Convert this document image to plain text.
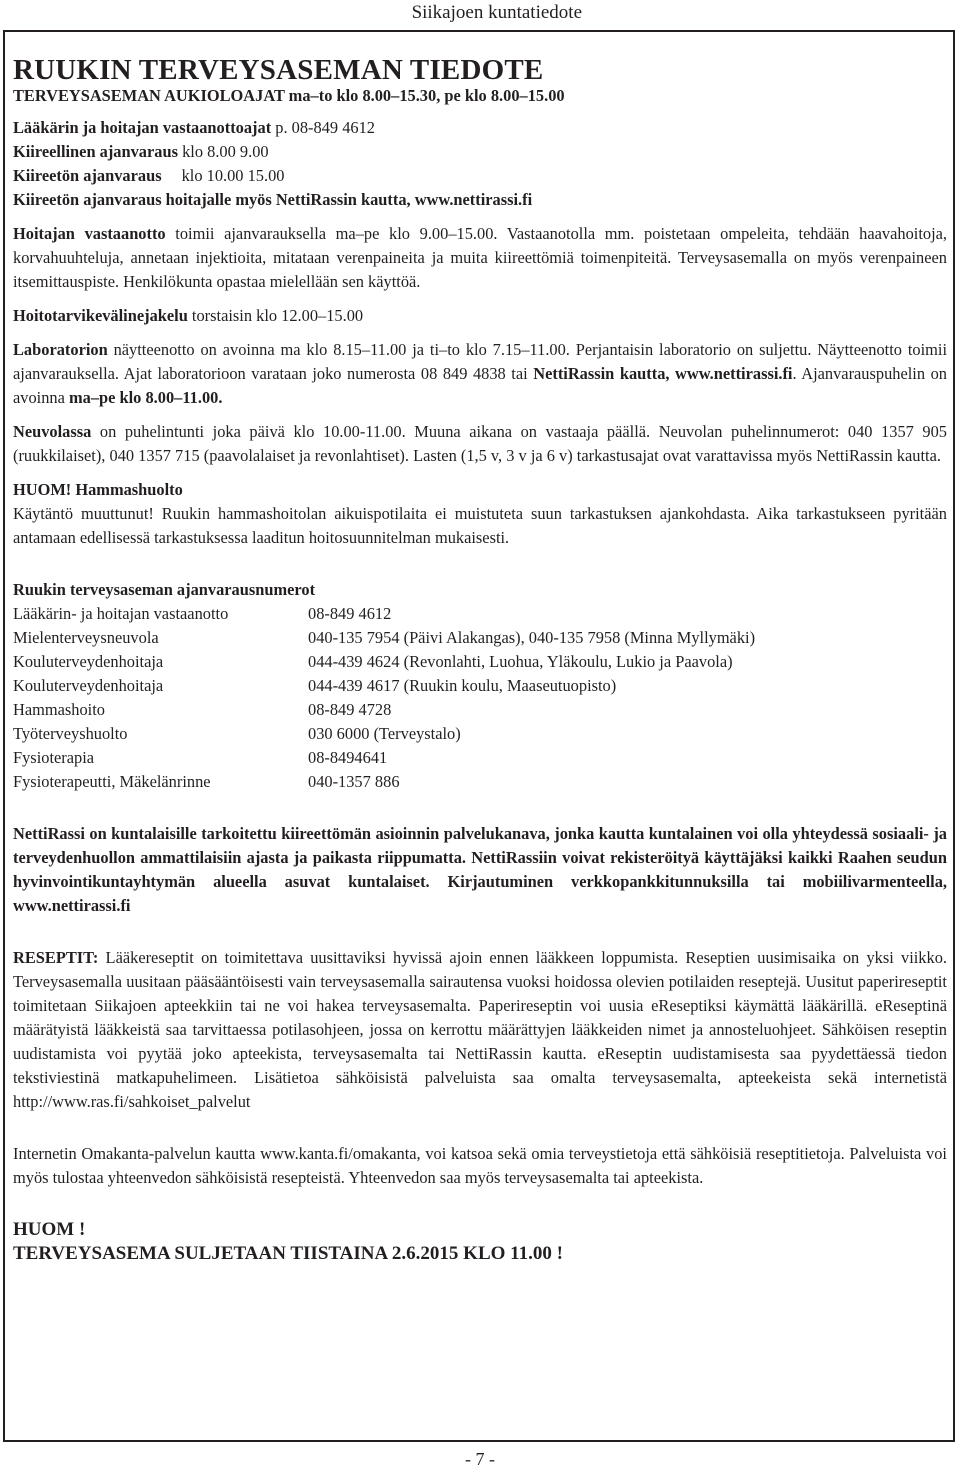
Siikajoen kuntatiedote
RUUKIN TERVEYSASEMAN TIEDOTE
TERVEYSASEMAN AUKIOLOAJAT ma–to klo 8.00–15.30, pe klo 8.00–15.00

Lääkärin ja hoitajan vastaanottoajat p. 08-849 4612

Kiireellinen ajanvaraus klo 8.00 9.00

Kiireetön ajanvaraus klo 10.00 15.00

Kiireetön ajanvaraus hoitajalle myös NettiRassin kautta, www.nettirassi.fi

Hoitajan vastaanotto toimii ajanvarauksella ma–pe klo 9.00–15.00. Vastaanotolla mm. poistetaan ompeleita, tehdään haavahoitoja, korvahuuhteluja, annetaan injektioita, mitataan verenpaineita ja muita kiireettömiä toimenpiteitä. Terveysasemalla on myös verenpaineen itsemittauspiste. Henkilökunta opastaa mielellään sen käyttöä.

Hoitotarvikevälinejakelu torstaisin klo 12.00–15.00

Laboratorion näytteenotto on avoinna ma klo 8.15–11.00 ja ti–to klo 7.15–11.00. Perjantaisin laboratorio on suljettu. Näytteenotto toimii ajanvarauksella. Ajat laboratorioon varataan joko numerosta 08 849 4838 tai NettiRassin kautta, www.nettirassi.fi. Ajanvarauspuhelin on avoinna ma–pe klo 8.00–11.00.

Neuvolassa on puhelintunti joka päivä klo 10.00-11.00. Muuna aikana on vastaaja päällä. Neuvolan puhelinnumerot: 040 1357 905 (ruukkilaiset), 040 1357 715 (paavolalaiset ja revonlahtiset). Lasten (1,5 v, 3 v ja 6 v) tarkastusajat ovat varattavissa myös NettiRassin kautta.

HUOM! Hammashuolto

Käytäntö muuttunut! Ruukin hammashoitolan aikuispotilaita ei muistuteta suun tarkastuksen ajankohdasta. Aika tarkastukseen pyritään antamaan edellisessä tarkastuksessa laaditun hoitosuunnitelman mukaisesti.

Ruukin terveysaseman ajanvarausnumerot

Lääkärin- ja hoitajan vastaanotto	08-849 4612
Mielenterveysneuvola	040-135 7954 (Päivi Alakangas), 040-135 7958 (Minna Myllymäki)
Kouluterveydenhoitaja	044-439 4624 (Revonlahti, Luohua, Yläkoulu, Lukio ja Paavola)
Kouluterveydenhoitaja	044-439 4617 (Ruukin koulu, Maaseutuopisto)
Hammashoito	08-849 4728
Työterveyshuolto	030 6000 (Terveystalo)
Fysioterapia	08-8494641
Fysioterapeutti, Mäkelänrinne	040-1357 886

NettiRassi on kuntalaisille tarkoitettu kiireettömän asioinnin palvelukanava, jonka kautta kuntalainen voi olla yhteydessä sosiaali- ja terveydenhuollon ammattilaisiin ajasta ja paikasta riippumatta. NettiRassiin voivat rekisteröityä käyttäjäksi kaikki Raahen seudun hyvinvointikuntayhtymän alueella asuvat kuntalaiset. Kirjautuminen verkkopankkitunnuksilla tai mobiilivarmenteella, www.nettirassi.fi

RESEPTIT: Lääkereseptit on toimitettava uusittaviksi hyvissä ajoin ennen lääkkeen loppumista. Reseptien uusimisaika on yksi viikko. Terveysasemalla uusitaan pääsääntöisesti vain terveysasemalla sairautensa vuoksi hoidossa olevien potilaiden reseptejä. Uusitut paperireseptit toimitetaan Siikajoen apteekkiin tai ne voi hakea terveysasemalta. Paperireseptin voi uusia eReseptiksi käymättä lääkärillä. eReseptinä määrätyistä lääkkeistä saa tarvittaessa potilasohjeen, jossa on kerrottu määrättyjen lääkkeiden nimet ja annosteluohjeet. Sähköisen reseptin uudistamista voi pyytää joko apteekista, terveysasemalta tai NettiRassin kautta. eReseptin uudistamisesta saa pyydettäessä tiedon tekstiviestinä matkapuhelimeen. Lisätietoa sähköisistä palveluista saa omalta terveysasemalta, apteekeista sekä internetistä http://www.ras.fi/sahkoiset_palvelut

Internetin Omakanta-palvelun kautta www.kanta.fi/omakanta, voi katsoa sekä omia terveystietoja että sähköisiä reseptitietoja. Palveluista voi myös tulostaa yhteenvedon sähköisistä resepteistä. Yhteenvedon saa myös terveysasemalta tai apteekista.

HUOM !

TERVEYSASEMA SULJETAAN TIISTAINA 2.6.2015 KLO 11.00 !

- 7 -
